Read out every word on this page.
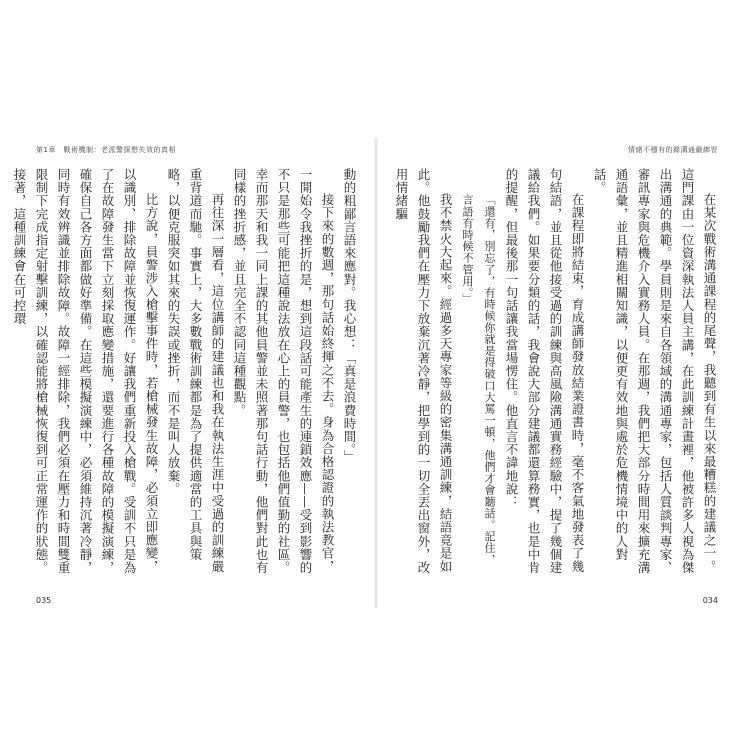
第1章　戰術機制：老派警探想失效的真相

動的粗鄙言語來應對。我心想：「真是浪費時間。」

接下來的數週，那句話始終揮之不去。身為合格認證的執法教官，一開始令我挫折的是，想到這段話可能產生的連鎖效應——受到影響的不只是那些可能把這種說法放在心上的員警，也包括他們值勤的社區。幸而那天和我一同上課的其他員警並未照著那句話行動，他們對此也有同樣的挫折感，並且完全不認同這種觀點。

再往深一層看，這位講師的建議也和我在執法生涯中受過的訓練嚴重背道而馳。事實上，大多數戰術訓練都是為了提供適當的工具與策略，以便克服突如其來的失誤或挫折，而不是叫人放棄。

比方說，員警涉入槍擊事件時，若槍械發生故障，必須立即應變，以識別、排除故障並恢復運作。好讓我們重新投入槍戰。受訓不只是為了在故障發生當下立刻採取應變措施，還要進行各種故障的模擬演練，確保自己各方面都做好準備。在這些模擬演練中，必須維持沉著冷靜，同時有效辨識並排除故障。故障一經排除，我們必須在壓力和時間雙重限制下完成指定射擊訓練，以確認能將槍械恢復到可正常運作的狀態。接著，這種訓練會在可控環

035
情緒不穩有的錄溝通嚴綁習

在某次戰術溝通課程的尾聲，我聽到有生以來最糟糕的建議之一。這門課由一位資深執法人員主講，在此訓練計畫裡，他被許多人視為傑出溝通的典範。學員則是來自各領域的溝通專家，包括人質談判專家、審訊專家與危機介入實務人員。在那週，我們把大部分時間用來擴充溝通語彙，並且精進相關知識，以便更有效地與處於危機情境中的人對話。

在課程即將結束，育成講師發放結業證書時，毫不客氣地發表了幾句結語，並且從他接受過的訓練與高風險溝通實務經驗中，提了幾個建議給我們。如果要分類的話，我會說大部分建議都還算務實，也是中肯的提醒，但最後那一句話讓我當場愣住。他直言不諱地說：

「還有，別忘了，有時候你就是得破口大罵一頓，他們才會聽話。記住，言語有時候不管用。」

我不禁火大起來。經過多天專家等級的密集溝通訓練，結語竟是如此。他鼓勵我們在壓力下放棄沉著冷靜，把學到的一切全丟出窗外，改用情緒驅

034
